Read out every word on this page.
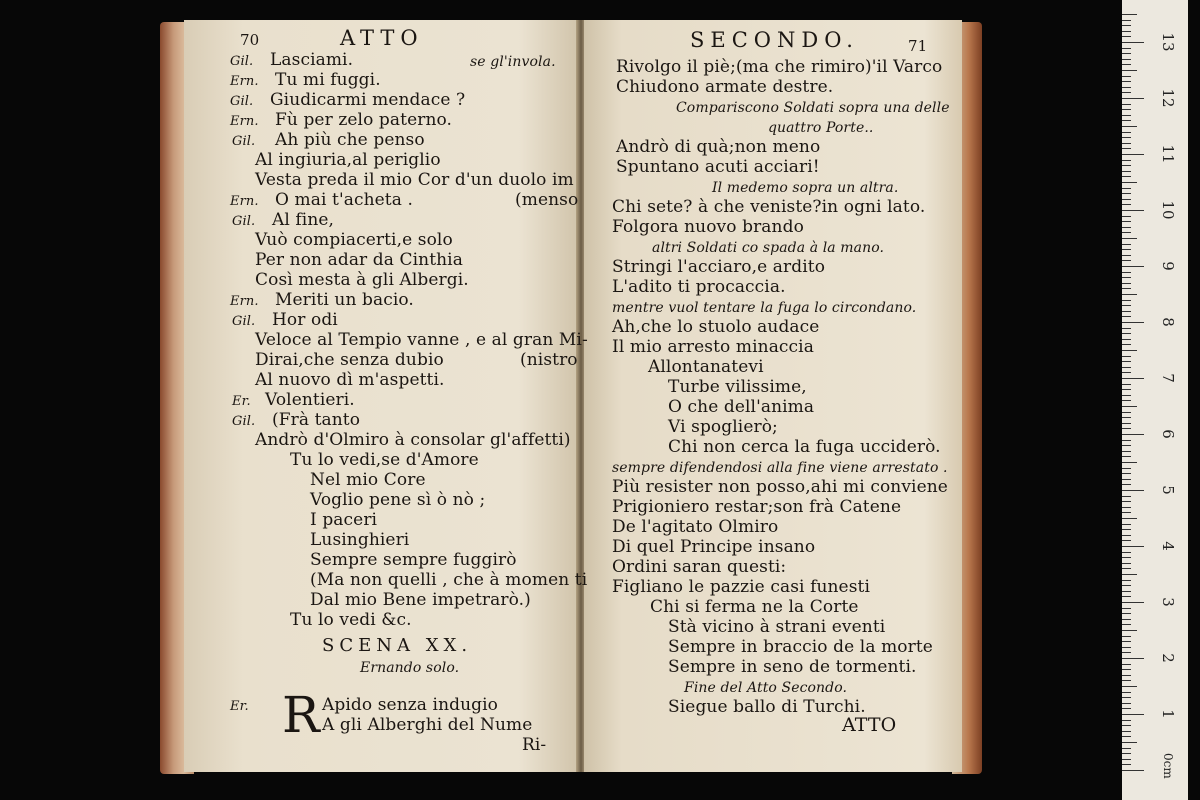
70	ATTO
Gil. Lasciami.	se gl'invola.
Ern. Tu mi fuggi.
Gil. Giudicarmi mendace ?
Ern. Fù per zelo paterno.
Gil. Ah più che penso
Al ingiuria,al periglio
Vesta preda il mio Cor d'un duolo im
Ern. O mai t'acheta .	(menso
Gil. Al fine,
Vuò compiacerti,e solo
Per non adar da Cinthia
Così mesta à gli Albergi.
Ern. Meriti un bacio.
Gil. Hor odi
Veloce al Tempio vanne , e al gran Mi-
Dirai,che senza dubio	(nistro
Al nuovo dì m'aspetti.
Er. Volentieri.
Gil. (Frà tanto
Andrò d'Olmiro à consolar gl'affetti)
Tu lo vedi,se d'Amore
Nel mio Core
Voglio pene sì ò nò ;
I paceri
Lusinghieri
Sempre sempre fuggirò
(Ma non quelli , che à momen ti
Dal mio Bene impetrarò.)
Tu lo vedi &c.
SCENA XX.
Ernando solo.
Er. R Apido senza indugio
A gli Alberghi del Nume
Ri-
SECONDO.	71
Rivolgo il piè;(ma che rimiro)'il Varco
Chiudono armate destre.
Compariscono Soldati sopra una delle
quattro Porte..
Andrò di quà;non meno
Spuntano acuti acciari!
Il medemo sopra un altra.
Chi sete? à che veniste?in ogni lato.
Folgora nuovo brando
altri Soldati co spada à la mano.
Stringi l'acciaro,e ardito
L'adito ti procaccia.
mentre vuol tentare la fuga lo circondano.
Ah,che lo stuolo audace
Il mio arresto minaccia
Allontanatevi
Turbe vilissime,
O che dell'anima
Vi spoglierò;
Chi non cerca la fuga ucciderò.
sempre difendendosi alla fine viene arrestato .
Più resister non posso,ahi mi conviene
Prigioniero restar;son frà Catene
De l'agitato Olmiro
Di quel Principe insano
Ordini saran questi:
Figliano le pazzie casi funesti
Chi si ferma ne la Corte
Stà vicino à strani eventi
Sempre in braccio de la morte
Sempre in seno de tormenti.
Fine del Atto Secondo.
Siegue ballo di Turchi.
ATTO
1
2
3
4
5
6
7
8
9
10
11
12
13
0cm
